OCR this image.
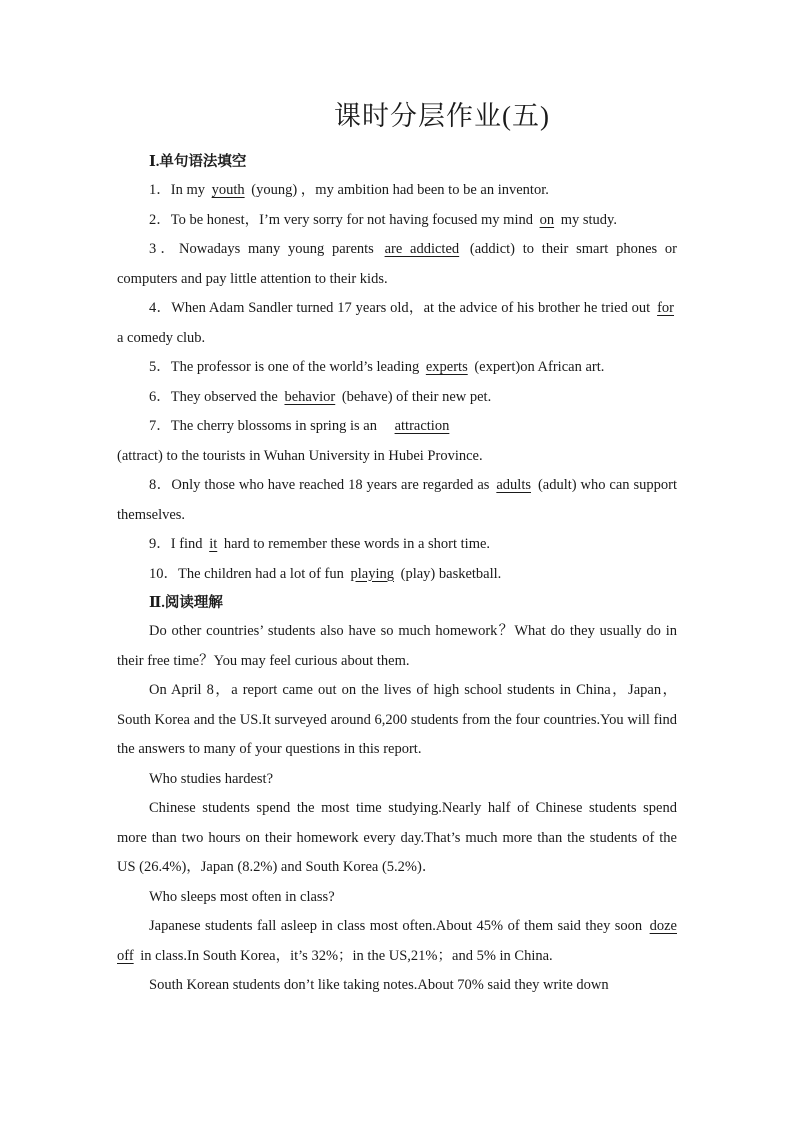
课时分层作业(五)
Ⅰ.单句语法填空

1．In my youth (young) ，my ambition had been to be an inventor.

2．To be honest，I’m very sorry for not having focused my mind on my study.

3．Nowadays many young parents are addicted (addict) to their smart phones or computers and pay little attention to their kids.

4．When Adam Sandler turned 17 years old，at the advice of his brother he tried out for a comedy club.

5．The professor is one of the world’s leading experts (expert)on African art.

6．They observed the behavior (behave) of their new pet.

7．The cherry blossoms in spring is an attraction

(attract) to the tourists in Wuhan University in Hubei Province.

8．Only those who have reached 18 years are regarded as adults (adult) who can support themselves.

9．I find it hard to remember these words in a short time.

10．The children had a lot of fun playing (play) basketball.

Ⅱ.阅读理解

Do other countries’ students also have so much homework？What do they usually do in their free time？You may feel curious about them.

On April 8，a report came out on the lives of high school students in China，Japan，South Korea and the US.It surveyed around 6,200 students from the four countries.You will find the answers to many of your questions in this report.

Who studies hardest?

Chinese students spend the most time studying.Nearly half of Chinese students spend more than two hours on their homework every day.That’s much more than the students of the US (26.4%)，Japan (8.2%) and South Korea (5.2%)．

Who sleeps most often in class?

Japanese students fall asleep in class most often.About 45% of them said they soon doze off in class.In South Korea，it’s 32%；in the US,21%；and 5% in China.

South Korean students don’t like taking notes.About 70% said they write down
